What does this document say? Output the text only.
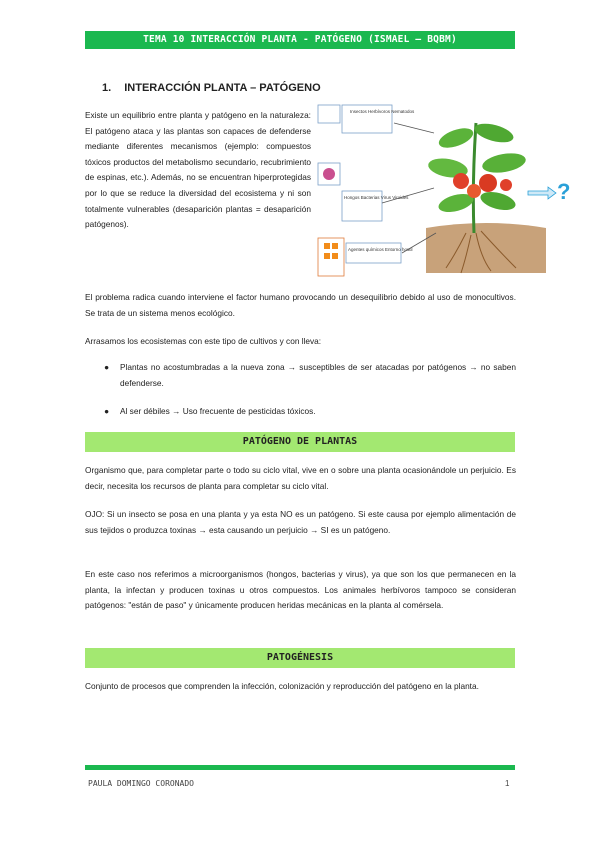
TEMA 10 INTERACCIÓN PLANTA - PATÓGENO (ISMAEL – BQBM)
1. INTERACCIÓN PLANTA – PATÓGENO
Existe un equilibrio entre planta y patógeno en la naturaleza: El patógeno ataca y las plantas son capaces de defenderse mediante diferentes mecanismos (ejemplo: compuestos tóxicos productos del metabolismo secundario, recubrimiento de espinas, etc.). Además, no se encuentran hiperprotegidas por lo que se reduce la diversidad del ecosistema y ni son totalmente vulnerables (desaparición plantas = desaparición patógenos).
Insectos Herbívoros Nematodos
Hongos Bacterias Virus Viroides
Agentes químicos Entorno hostil
?
El problema radica cuando interviene el factor humano provocando un desequilibrio debido al uso de monocultivos. Se trata de un sistema menos ecológico.
Arrasamos los ecosistemas con este tipo de cultivos y con lleva:
● Plantas no acostumbradas a la nueva zona → susceptibles de ser atacadas por patógenos → no saben defenderse.
● Al ser débiles → Uso frecuente de pesticidas tóxicos.
PATÓGENO DE PLANTAS
Organismo que, para completar parte o todo su ciclo vital, vive en o sobre una planta ocasionándole un perjuicio. Es decir, necesita los recursos de planta para completar su ciclo vital.
OJO: Si un insecto se posa en una planta y ya esta NO es un patógeno. Si este causa por ejemplo alimentación de sus tejidos o produzca toxinas → esta causando un perjuicio → SI es un patógeno.
En este caso nos referimos a microorganismos (hongos, bacterias y virus), ya que son los que permanecen en la planta, la infectan y producen toxinas u otros compuestos. Los animales herbívoros tampoco se consideran patógenos: "están de paso" y únicamente producen heridas mecánicas en la planta al comérsela.
PATOGÉNESIS
Conjunto de procesos que comprenden la infección, colonización y reproducción del patógeno en la planta.
PAULA DOMINGO CORONADO	1
